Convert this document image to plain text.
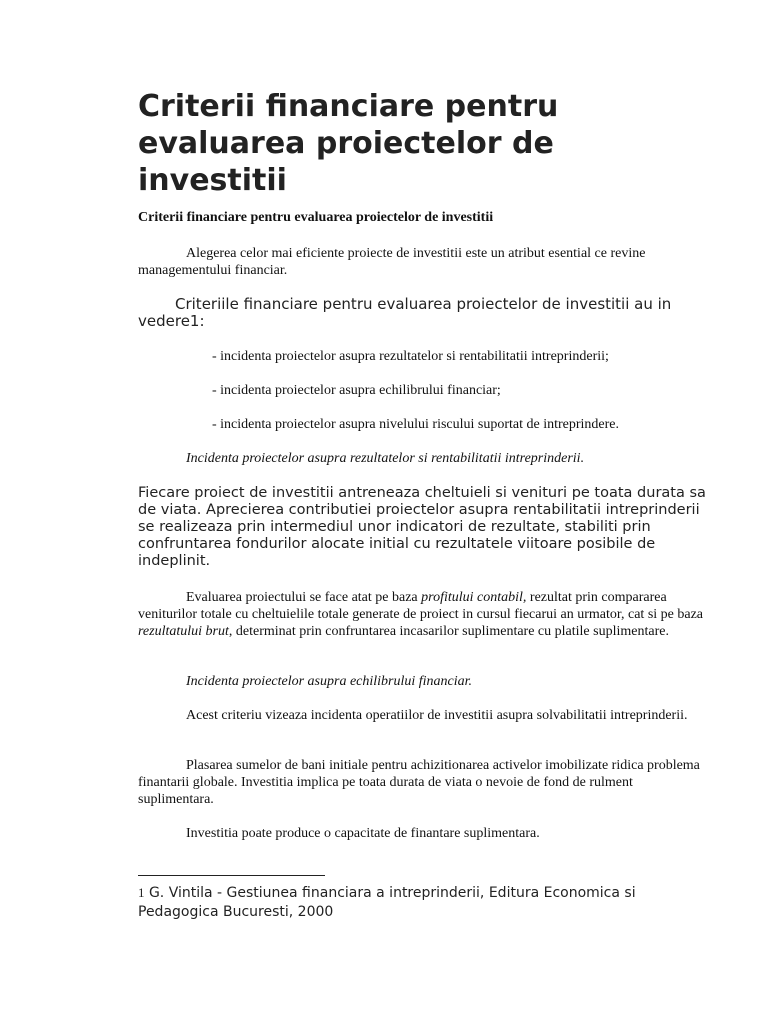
Criterii financiare pentru evaluarea proiectelor de investitii

Criterii financiare pentru evaluarea proiectelor de investitii

Alegerea celor mai eficiente proiecte de investitii este un atribut esential ce revine managementului financiar.

Criteriile financiare pentru evaluarea proiectelor de investitii au in vedere1:

- incidenta proiectelor asupra rezultatelor si rentabilitatii intreprinderii;

- incidenta proiectelor asupra echilibrului financiar;

- incidenta proiectelor asupra nivelului riscului suportat de intreprindere.

Incidenta proiectelor asupra rezultatelor si rentabilitatii intreprinderii.

Fiecare proiect de investitii antreneaza cheltuieli si venituri pe toata durata sa de viata. Aprecierea contributiei proiectelor asupra rentabilitatii intreprinderii se realizeaza prin intermediul unor indicatori de rezultate, stabiliti prin confruntarea fondurilor alocate initial cu rezultatele viitoare posibile de indeplinit.

Evaluarea proiectului se face atat pe baza profitului contabil, rezultat prin compararea veniturilor totale cu cheltuielile totale generate de proiect in cursul fiecarui an urmator, cat si pe baza rezultatului brut, determinat prin confruntarea incasarilor suplimentare cu platile suplimentare.

Incidenta proiectelor asupra echilibrului financiar.

Acest criteriu vizeaza incidenta operatiilor de investitii asupra solvabilitatii intreprinderii.

Plasarea sumelor de bani initiale pentru achizitionarea activelor imobilizate ridica problema finantarii globale. Investitia implica pe toata durata de viata o nevoie de fond de rulment suplimentara.

Investitia poate produce o capacitate de finantare suplimentara.

1 G. Vintila - Gestiunea financiara a intreprinderii, Editura Economica si Pedagogica Bucuresti, 2000
